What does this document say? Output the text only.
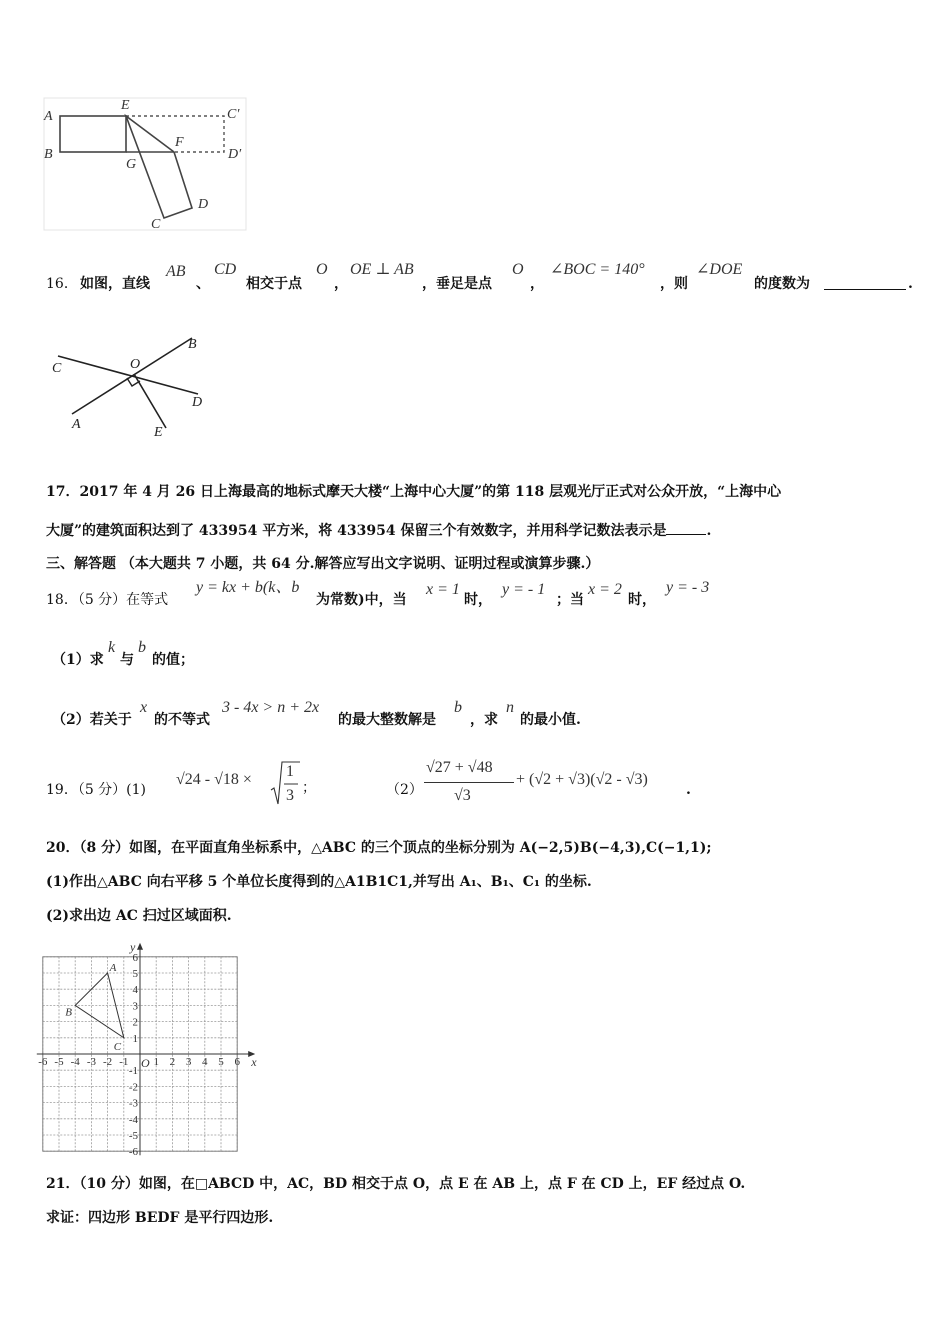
A
B
E
C′
F
D′
G
C
D
16． 如图，直线
AB
、
CD
相交于点
O
，
OE ⊥ AB
，垂足是点
O
，
∠BOC = 140°
，则
∠DOE
的度数为	.
C	O
B
D
A
E
17．2017 年 4 月 26 日上海最高的地标式摩天大楼“上海中心大厦”的第 118 层观光厅正式对公众开放，“上海中心
大厦”的建筑面积达到了 433954 平方米，将 433954 保留三个有效数字，并用科学记数法表示是	.
三、解答题 （本大题共 7 小题，共 64 分.解答应写出文字说明、证明过程或演算步骤.）
18．（5 分）在等式
y = kx + b(k、b
为常数)中，当
x = 1
时，
y = - 1
；当
x = 2
时，
y = - 3
（1）求
k
与
b
的值；
（2）若关于
x
的不等式
3 - 4x > n + 2x
的最大整数解是
b
，求
n
的最小值.
19．（5 分）(1)
√24 - √18 × 1
3 ；	（2）
√27 + √48
√3
+ (√2 + √3)(√2 - √3)
.
20．（8 分）如图，在平面直角坐标系中，△ABC 的三个顶点的坐标分别为 A(−2,5)B(−4,3),C(−1,1);
(1)作出△ABC 向右平移 5 个单位长度得到的△A1B1C1,并写出 A₁、B₁、C₁ 的坐标.
(2)求出边 AC 扫过区域面积.
x
y
-6 -5 -4 -3 -2 -1 1 2 3 4 5 6
6
5
4
3
2
1
-1
-2
-3
-4
-5
-6
O
A
B
C
21．（10 分）如图，在□ABCD 中，AC，BD 相交于点 O，点 E 在 AB 上，点 F 在 CD 上，EF 经过点 O.
求证：四边形 BEDF 是平行四边形.
